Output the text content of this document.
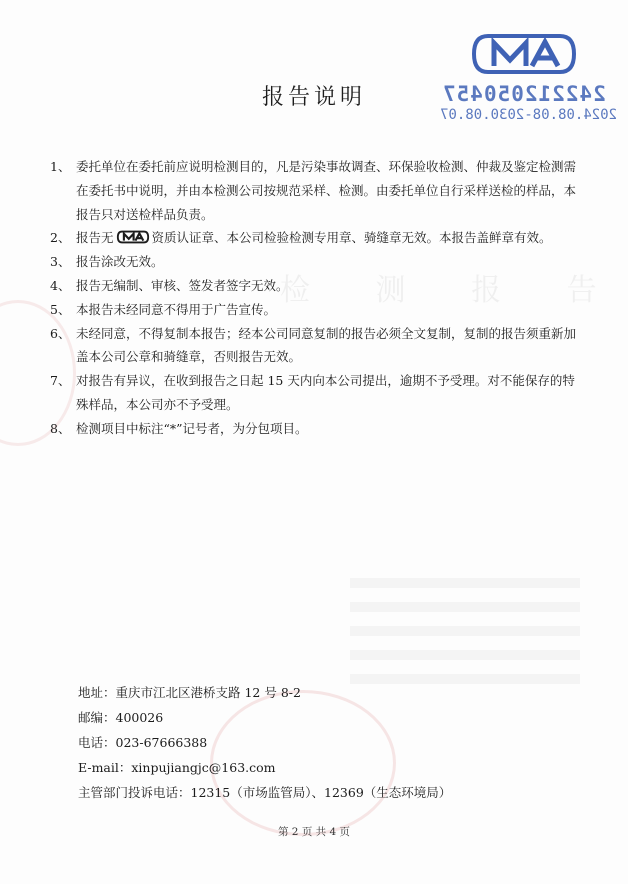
检 测 报 告
242212050457
2024.08.08-2030.08.07
报告说明
1、 委托单位在委托前应说明检测目的，凡是污染事故调查、环保验收检测、仲裁及鉴定检测需在委托书中说明，并由本检测公司按规范采样、检测。由委托单位自行采样送检的样品，本报告只对送检样品负责。
2、 报告无	资质认证章、本公司检验检测专用章、骑缝章无效。本报告盖鲜章有效。
3、 报告涂改无效。
4、 报告无编制、审核、签发者签字无效。
5、 本报告未经同意不得用于广告宣传。
6、 未经同意，不得复制本报告；经本公司同意复制的报告必须全文复制，复制的报告须重新加盖本公司公章和骑缝章，否则报告无效。
7、 对报告有异议，在收到报告之日起 15 天内向本公司提出，逾期不予受理。对不能保存的特殊样品，本公司亦不予受理。
8、 检测项目中标注“*”记号者，为分包项目。
地址：重庆市江北区港桥支路 12 号 8-2
邮编：400026
电话：023-67666388
E-mail：xinpujiangjc@163.com
主管部门投诉电话：12315（市场监管局）、12369（生态环境局）
第 2 页 共 4 页
